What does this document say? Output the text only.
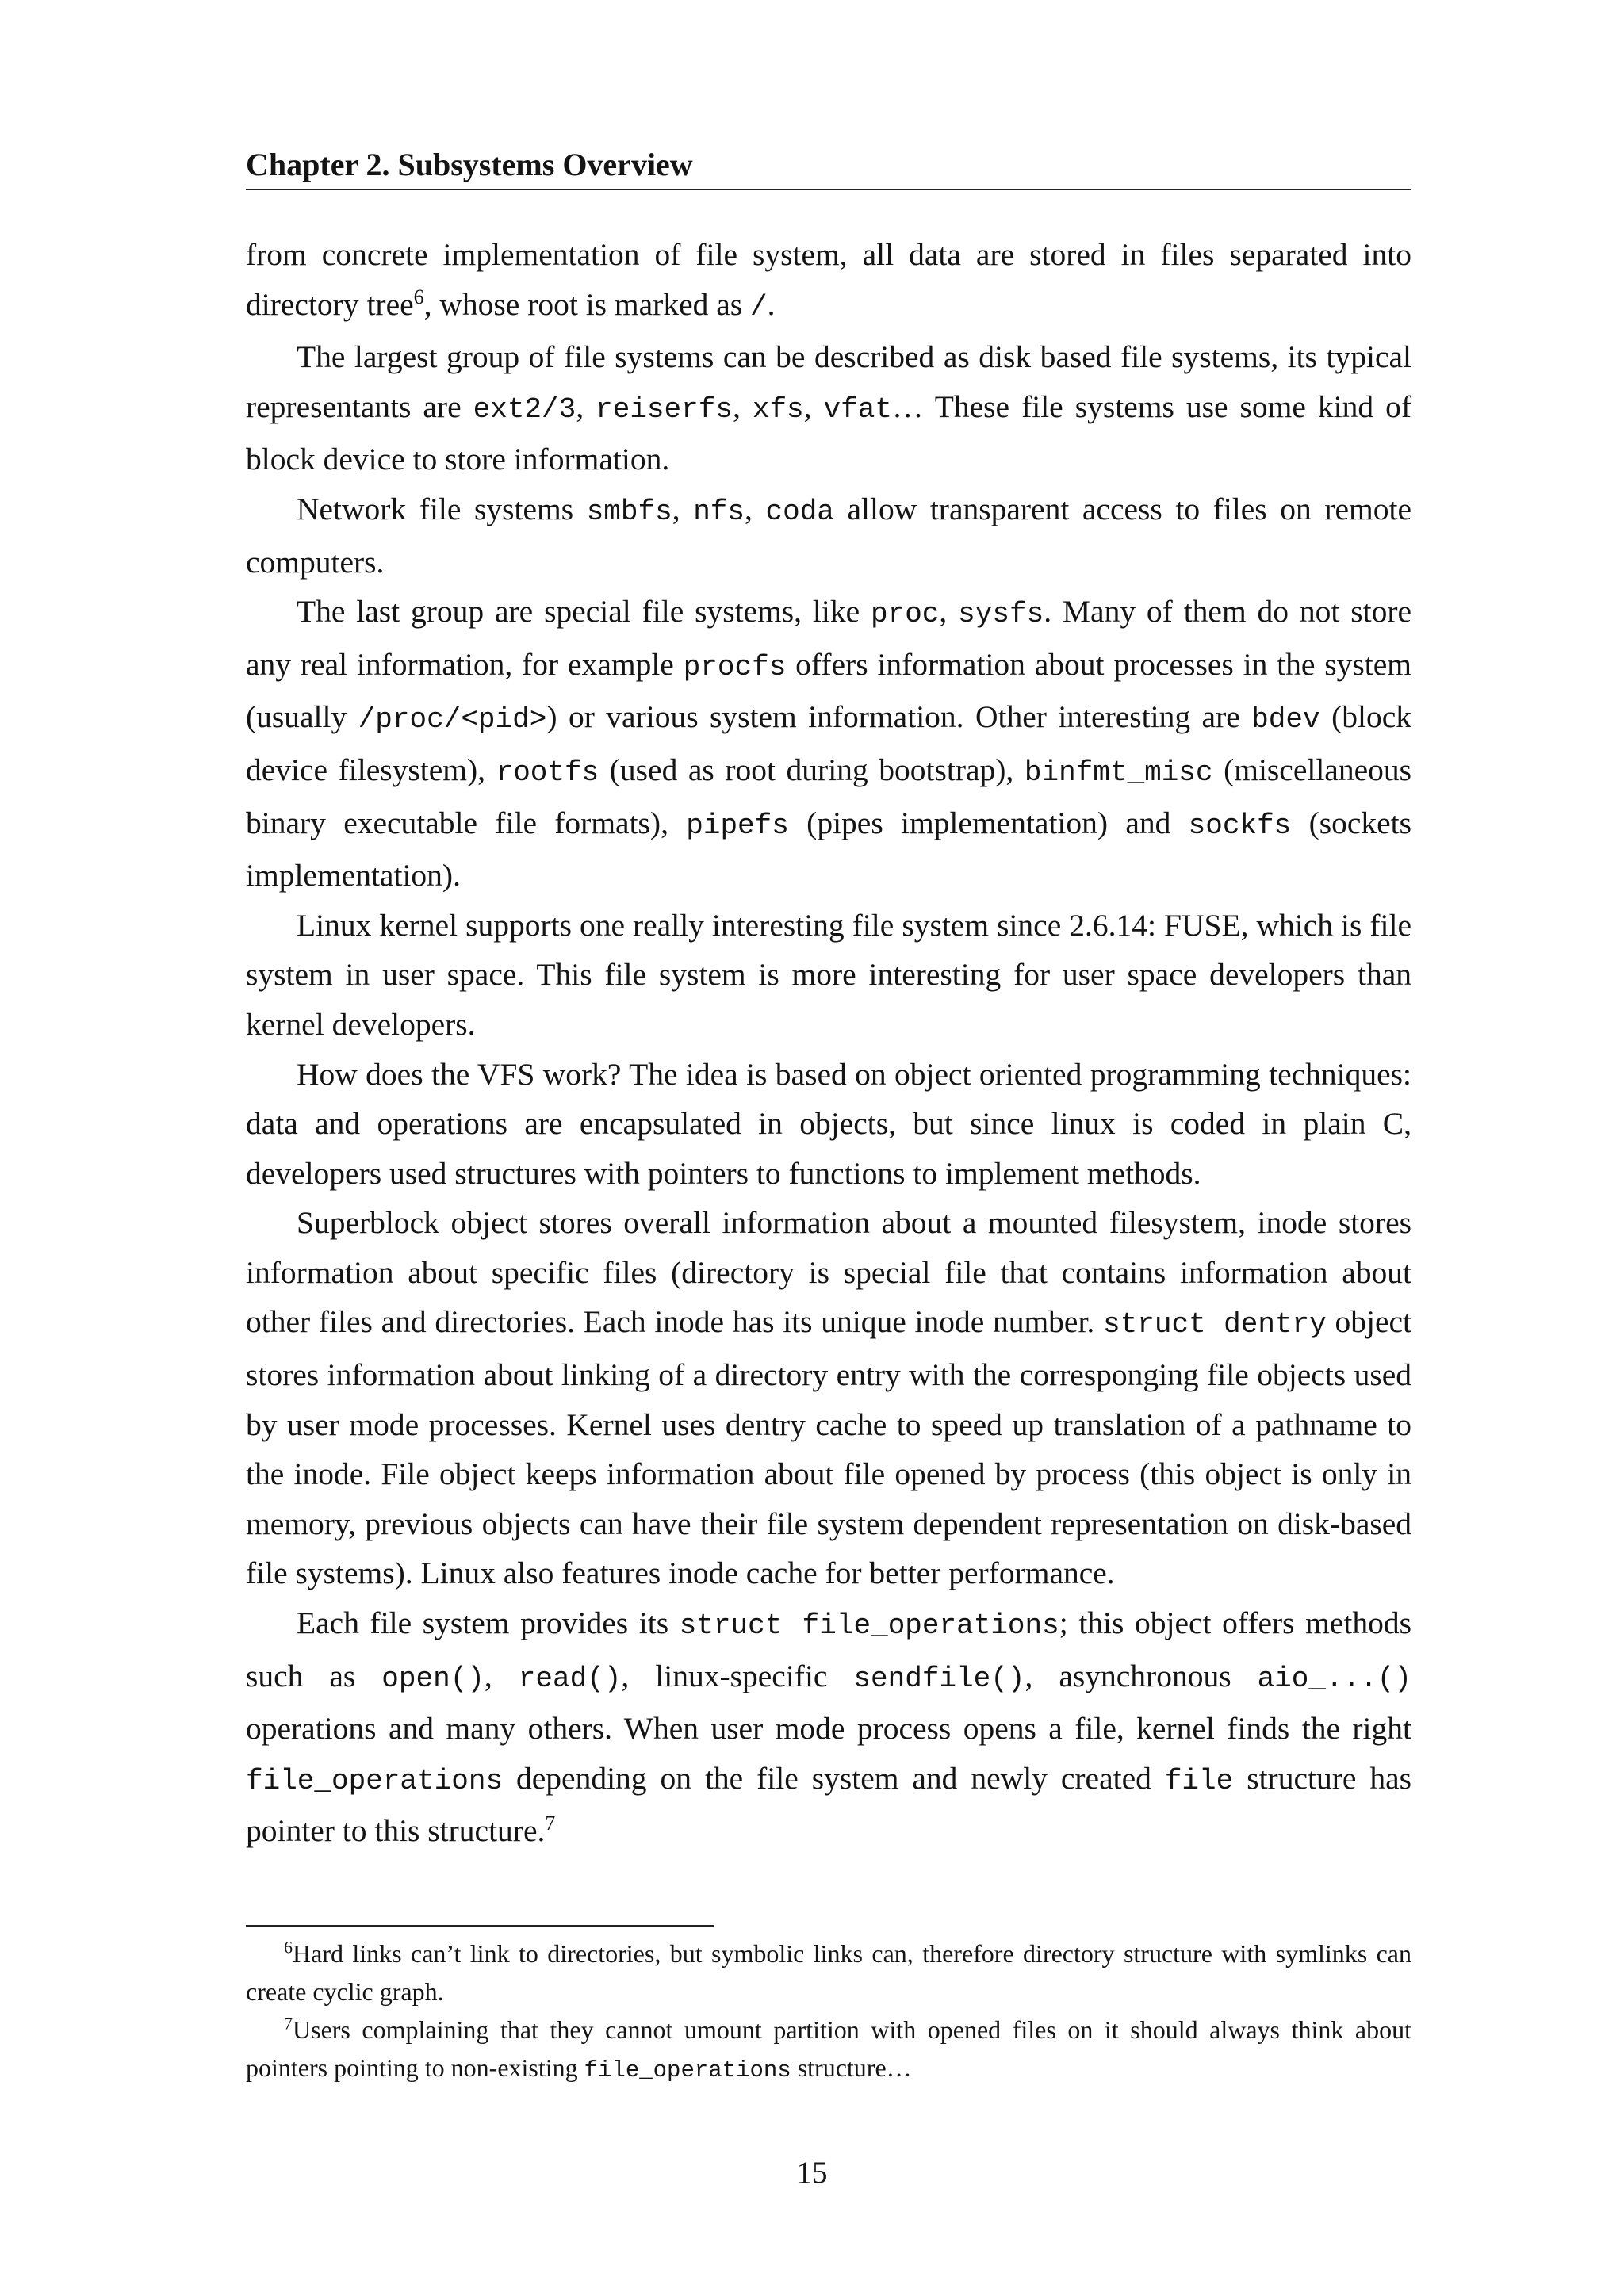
Chapter 2. Subsystems Overview

from concrete implementation of file system, all data are stored in files separated into directory tree$^6$, whose root is marked as /.

The largest group of file systems can be described as disk based file systems, its typical representants are ext2/3, reiserfs, xfs, vfat… These file systems use some kind of block device to store information.

Network file systems smbfs, nfs, coda allow transparent access to files on remote computers.

The last group are special file systems, like proc, sysfs. Many of them do not store any real information, for example procfs offers information about processes in the system (usually /proc/<pid>) or various system information. Other interesting are bdev (block device filesystem), rootfs (used as root during bootstrap), binfmt_misc (miscellaneous binary executable file formats), pipefs (pipes implementation) and sockfs (sockets implementation).

Linux kernel supports one really interesting file system since 2.6.14: FUSE, which is file system in user space. This file system is more interesting for user space developers than kernel developers.

How does the VFS work? The idea is based on object oriented programming techniques: data and operations are encapsulated in objects, but since linux is coded in plain C, developers used structures with pointers to functions to implement methods.

Superblock object stores overall information about a mounted filesystem, inode stores information about specific files (directory is special file that contains information about other files and directories. Each inode has its unique inode number. struct dentry object stores information about linking of a directory entry with the corresponging file objects used by user mode processes. Kernel uses dentry cache to speed up translation of a pathname to the inode. File object keeps information about file opened by process (this object is only in memory, previous objects can have their file system dependent representation on disk-based file systems). Linux also features inode cache for better performance.

Each file system provides its struct file_operations; this object offers methods such as open(), read(), linux-specific sendfile(), asynchronous aio_...() operations and many others. When user mode process opens a file, kernel finds the right file_operations depending on the file system and newly created file structure has pointer to this structure.$^7$

$^6$Hard links can’t link to directories, but symbolic links can, therefore directory structure with symlinks can create cyclic graph.

$^7$Users complaining that they cannot umount partition with opened files on it should always think about pointers pointing to non-existing file_operations structure…

15
